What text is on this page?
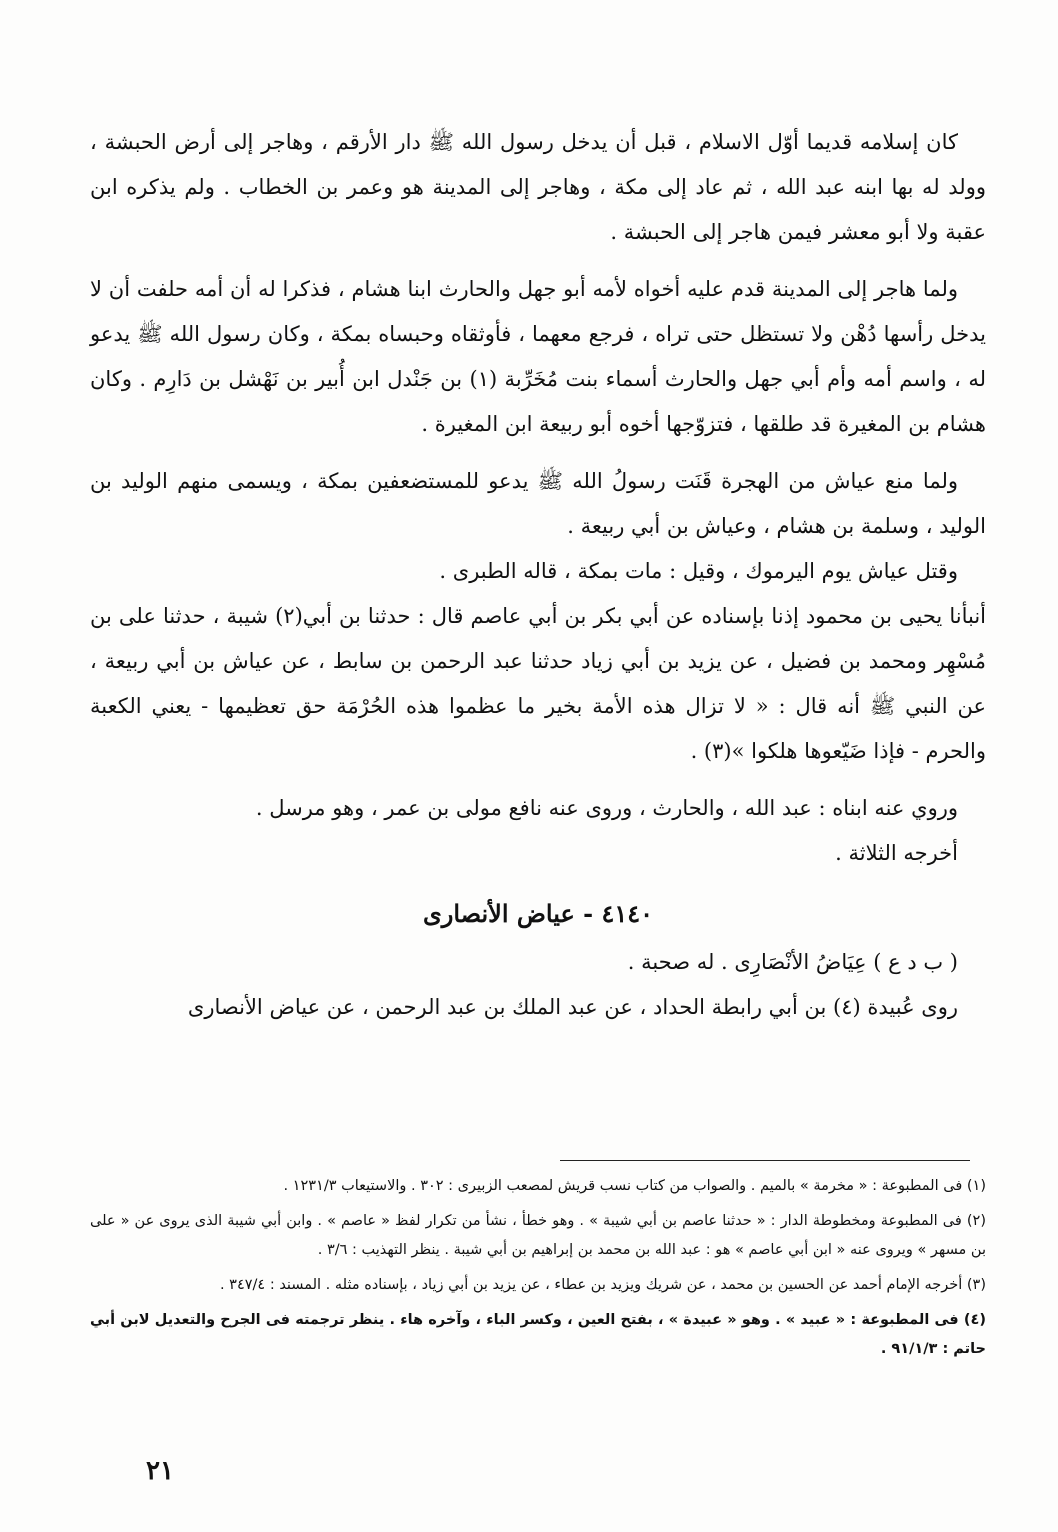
كان إسلامه قديما أوّل الاسلام ، قبل أن يدخل رسول الله ﷺ دار الأرقم ، وهاجر إلى أرض الحبشة ، وولد له بها ابنه عبد الله ، ثم عاد إلى مكة ، وهاجر إلى المدينة هو وعمر بن الخطاب . ولم يذكره ابن عقبة ولا أبو معشر فيمن هاجر إلى الحبشة .

ولما هاجر إلى المدينة قدم عليه أخواه لأمه أبو جهل والحارث ابنا هشام ، فذكرا له أن أمه حلفت أن لا يدخل رأسها دُهْن ولا تستظل حتى تراه ، فرجع معهما ، فأوثقاه وحبساه بمكة ، وكان رسول الله ﷺ يدعو له ، واسم أمه وأم أبي جهل والحارث أسماء بنت مُخَرِّبة (١) بن جَنْدل ابن أُبير بن نَهْشل بن دَارِم . وكان هشام بن المغيرة قد طلقها ، فتزوّجها أخوه أبو ربيعة ابن المغيرة .

ولما منع عياش من الهجرة قَنَت رسولُ الله ﷺ يدعو للمستضعفين بمكة ، ويسمى منهم الوليد بن الوليد ، وسلمة بن هشام ، وعياش بن أبي ربيعة .

وقتل عياش يوم اليرموك ، وقيل : مات بمكة ، قاله الطبرى .

أنبأنا يحيى بن محمود إذنا بإسناده عن أبي بكر بن أبي عاصم قال : حدثنا بن أبي(٢) شيبة ، حدثنا على بن مُسْهِر ومحمد بن فضيل ، عن يزيد بن أبي زياد حدثنا عبد الرحمن بن سابط ، عن عياش بن أبي ربيعة ، عن النبي ﷺ أنه قال : « لا تزال هذه الأمة بخير ما عظموا هذه الحُرْمَة حق تعظيمها - يعني الكعبة والحرم - فإذا ضَيّعوها هلكوا »(٣) .

وروي عنه ابناه : عبد الله ، والحارث ، وروى عنه نافع مولى بن عمر ، وهو مرسل .

أخرجه الثلاثة .

٤١٤٠ - عياض الأنصارى

( ب د ع ) عِيَاضُ الأنْصَارِى . له صحبة .

روى عُبيدة (٤) بن أبي رابطة الحداد ، عن عبد الملك بن عبد الرحمن ، عن عياض الأنصارى

(١) فى المطبوعة : « مخرمة » بالميم . والصواب من كتاب نسب قريش لمصعب الزبيرى : ٣٠٢ . والاستيعاب ١٢٣١/٣ .

(٢) فى المطبوعة ومخطوطة الدار : « حدثنا عاصم بن أبي شيبة » . وهو خطأ ، نشأ من تكرار لفظ « عاصم » . وابن أبي شيبة الذى يروى عن « على بن مسهر » ويروى عنه « ابن أبي عاصم » هو : عبد الله بن محمد بن إبراهيم بن أبي شيبة . ينظر التهذيب : ٣/٦ .

(٣) أخرجه الإمام أحمد عن الحسين بن محمد ، عن شريك ويزيد بن عطاء ، عن يزيد بن أبي زياد ، بإسناده مثله . المسند : ٣٤٧/٤ .

(٤) فى المطبوعة : « عبيد » . وهو « عبيدة » ، بفتح العين ، وكسر الباء ، وآخره هاء . ينظر ترجمته فى الجرح والتعديل لابن أبي حاتم : ٩١/١/٣ .

٢١
